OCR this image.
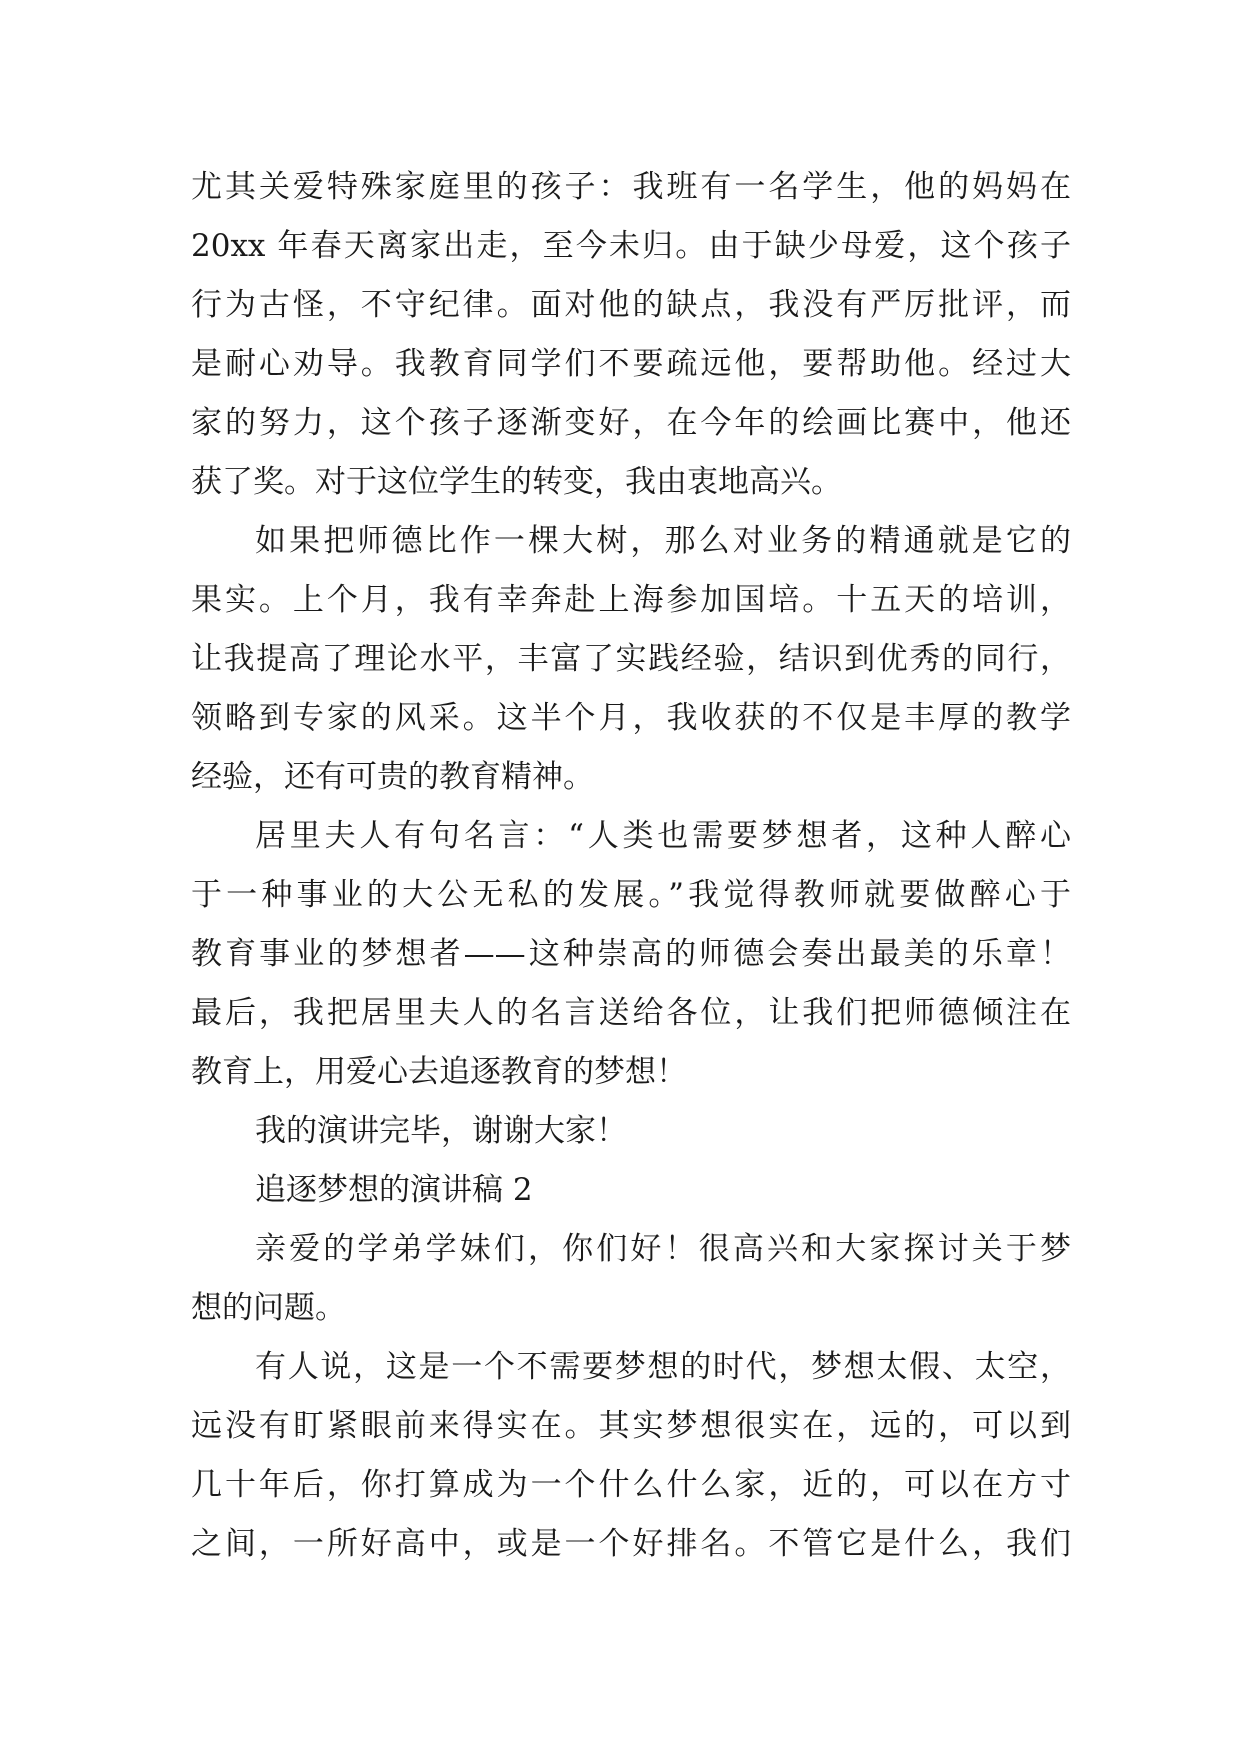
尤其关爱特殊家庭里的孩子：我班有一名学生，他的妈妈在
20xx 年春天离家出走，至今未归。由于缺少母爱，这个孩子
行为古怪，不守纪律。面对他的缺点，我没有严厉批评，而
是耐心劝导。我教育同学们不要疏远他，要帮助他。经过大
家的努力，这个孩子逐渐变好，在今年的绘画比赛中，他还
获了奖。对于这位学生的转变，我由衷地高兴。
如果把师德比作一棵大树，那么对业务的精通就是它的
果实。上个月，我有幸奔赴上海参加国培。十五天的培训，
让我提高了理论水平，丰富了实践经验，结识到优秀的同行，
领略到专家的风采。这半个月，我收获的不仅是丰厚的教学
经验，还有可贵的教育精神。
居里夫人有句名言：“人类也需要梦想者，这种人醉心
于一种事业的大公无私的发展。”我觉得教师就要做醉心于
教育事业的梦想者——这种崇高的师德会奏出最美的乐章！
最后，我把居里夫人的名言送给各位，让我们把师德倾注在
教育上，用爱心去追逐教育的梦想！
我的演讲完毕，谢谢大家！
追逐梦想的演讲稿 2
亲爱的学弟学妹们，你们好！很高兴和大家探讨关于梦
想的问题。
有人说，这是一个不需要梦想的时代，梦想太假、太空，
远没有盯紧眼前来得实在。其实梦想很实在，远的，可以到
几十年后，你打算成为一个什么什么家，近的，可以在方寸
之间，一所好高中，或是一个好排名。不管它是什么，我们
